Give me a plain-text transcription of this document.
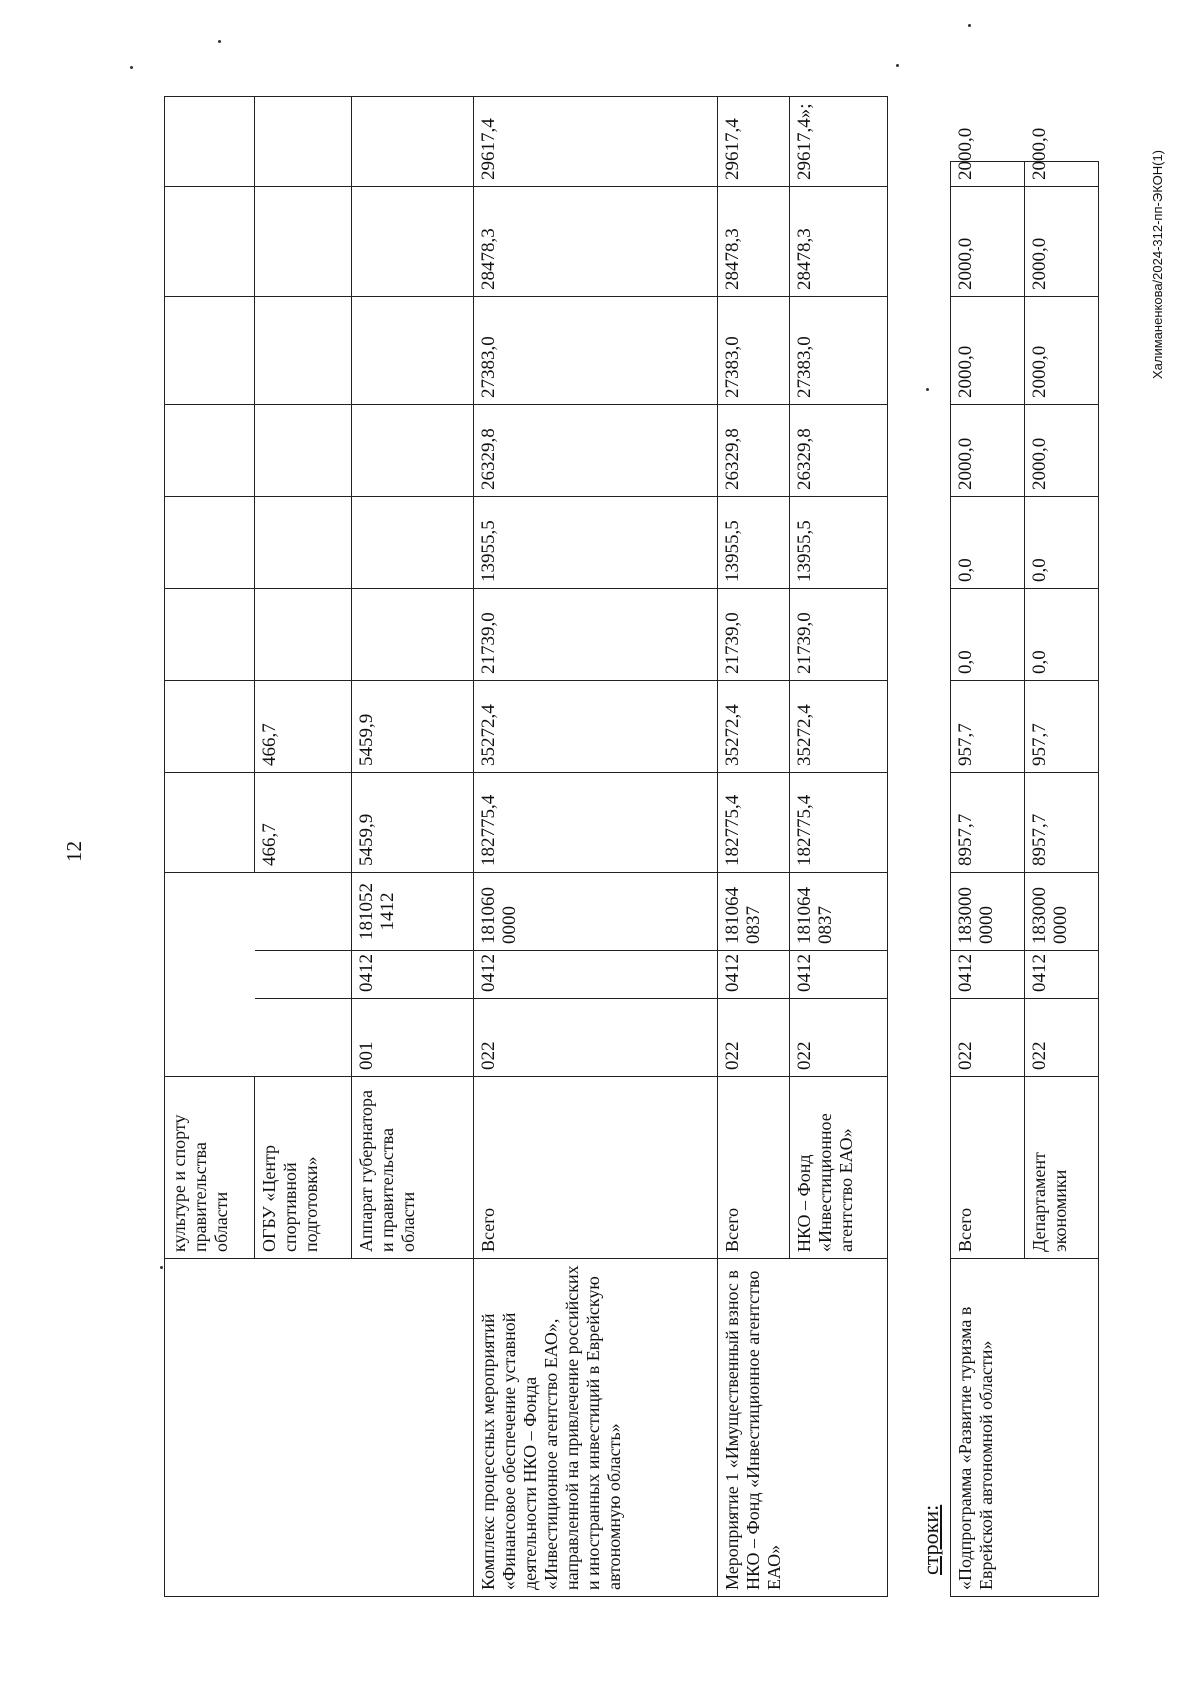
12
Халиманенкова/2024-312-пп-ЭКОН(1)
	культуре и спорту правительства области											
	ОГБУ «Центр спортивной подготовки»				466,7	466,7						
	Аппарат губернатора и правительства области	001	0412	181052 1412	5459,9	5459,9						
Комплекс процессных мероприятий «Финансовое обеспечение уставной деятельности НКО – Фонда «Инвестиционное агентство ЕАО», направленной на привлечение российских и иностранных инвестиций в Еврейскую автономную область»	Всего	022	0412	181060 0000	182775,4	35272,4	21739,0	13955,5	26329,8	27383,0	28478,3	29617,4
Мероприятие 1 «Имущественный взнос в НКО – Фонд «Инвестиционное агентство ЕАО»	Всего	022	0412	181064 0837	182775,4	35272,4	21739,0	13955,5	26329,8	27383,0	28478,3	29617,4
	НКО – Фонд «Инвестиционное агентство ЕАО»	022	0412	181064 0837	182775,4	35272,4	21739,0	13955,5	26329,8	27383,0	28478,3	29617,4»;
строки: «Подпрограмма «Развитие туризма в Еврейской автономной области»	Всего	022	0412	183000 0000	8957,7	957,7	0,0	0,0	2000,0	2000,0	2000,0	2000,0
	Департамент экономики	022	0412	183000 0000	8957,7	957,7	0,0	0,0	2000,0	2000,0	2000,0	2000,0
